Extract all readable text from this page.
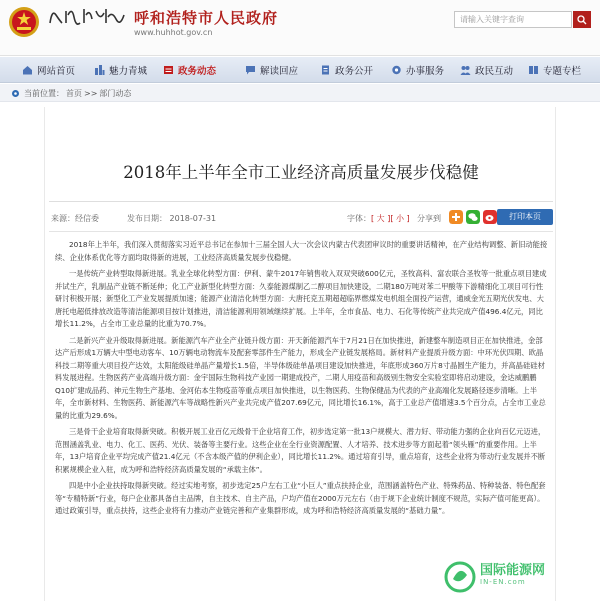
呼和浩特市人民政府
www.huhhot.gov.cn
请输入关键字查询
网站首页	魅力青城	政务动态	解读回应	政务公开	办事服务	政民互动	专题专栏
当前位置： 首页 >> 部门动态
2018年上半年全市工业经济高质量发展步伐稳健
来源：经信委	发布日期： 2018-07-31	字体：[ 大 ][ 小 ] 分享到	打印本页

2018年上半年，我们深入贯彻落实习近平总书记在参加十三届全国人大一次会议内蒙古代表团审议时的重要讲话精神，在产业结构调整、新旧动能接续、企业体系优化等方面均取得新的进展，工业经济高质量发展步伐稳健。

一是传统产业转型取得新进展。乳业全球化转型方面：伊利、蒙牛2017年销售收入双双突破600亿元，圣牧高科、富农联合圣牧等一批重点项目建成并试生产，乳制品产业链不断延伸；化工产业新型化转型方面：久泰能源煤制乙二醇项目加快建设，二期180万吨对苯二甲酸等下游精细化工项目可行性研讨积极开展；新型化工产业发展提质加速；能源产业清洁化转型方面：大唐托克五期超超临界燃煤发电机组全面投产运营，通威金光五期光伏发电、大唐托电超低排放改造等清洁能源项目按计划推进，清洁能源利用领域继续扩展。上半年，全市食品、电力、石化等传统产业共完成产值496.4亿元，同比增长11.2%，占全市工业总量的比重为70.7%。

二是新兴产业升级取得新进展。新能源汽车产业全产业链升级方面：开天新能源汽车于7月21日在加快推进，新建整车制造项目正在加快推进，金部达产后形成1万辆大中型电动客车、10万辆电动物流车及配套零部件生产能力，形成全产业链发展格局。新材料产业提质升级方面：中环光伏四期、欧晶科技二期等重大项目投产达效，太阳能级硅单晶产量增长1.5倍，半导体级硅单晶项目建设加快推进，年底形成360万片8寸晶圆生产能力，并高晶硅硅材料发展进程。生物医药产业高端升级方面：金宇国际生物科技产业园一期建成投产，二期人用疫苗和高级别生物安全实验室即将启动建设，金达威鹏鹏Q10扩建成品药、神元生物生产基地、金河佑本生物疫苗等重点项目加快推进，以生物医药、生物保健品为代表的产业高端化发展路径逐步清晰。上半年，全市新材料、生物医药、新能源汽车等战略性新兴产业共完成产值207.69亿元，同比增长16.1%，高于工业总产值增速3.5个百分点，占全市工业总量的比重为29.6%。

三是骨干企业培育取得新突破。积极开展工业百亿元级骨干企业培育工作，初步选定第一批13户规模大、潜力好、带动能力强的企业向百亿元迈进，范围涵盖乳业、电力、化工、医药、光伏、装备等主要行业。这些企业在全行业资源配置、人才培养、技术进步等方面起着“领头雁”的重要作用。上半年，13户培育企业平均完成产值21.4亿元（不含本级产值的伊利企业），同比增长11.2%。通过培育引导，重点培育，这些企业将为带动行业发展并不断积累规模企业入驻，成为呼和浩特经济高质量发展的“承载主体”。

四是中小企业扶持取得新突破。经过实地考察，初步选定25户左右工业“小巨人”重点扶持企业，范围涵盖特色产业、特殊药品、特种装备、特色配套等“专精特新”行业，每户企业都具备自主品牌，自主技术、自主产品，户均产值在2000万元左右（由于规下企业统计制度不规范，实际产值可能更高）。通过政策引导，重点扶持，这些企业将有力推动产业链完善和产业集群形成，成为呼和浩特经济高质量发展的“基础力量”。

国际能源网
IN-EN.com
